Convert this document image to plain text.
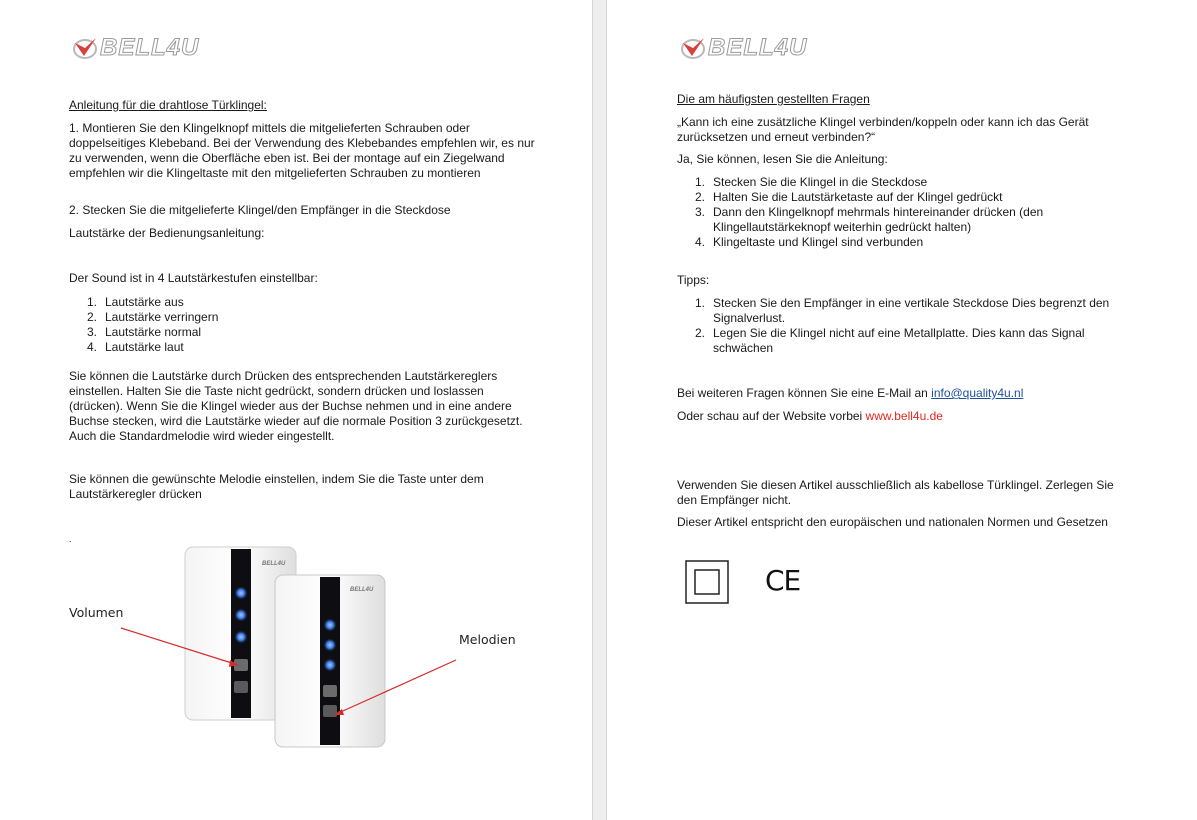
BELL4U

Anleitung für die drahtlose Türklingel:

1. Montieren Sie den Klingelknopf mittels die mitgelieferten Schrauben oder doppelseitiges Klebeband. Bei der Verwendung des Klebebandes empfehlen wir, es nur zu verwenden, wenn die Oberfläche eben ist. Bei der montage auf ein Ziegelwand empfehlen wir die Klingeltaste mit den mitgelieferten Schrauben zu montieren

2. Stecken Sie die mitgelieferte Klingel/den Empfänger in die Steckdose

Lautstärke der Bedienungsanleitung:

Der Sound ist in 4 Lautstärkestufen einstellbar:

1. Lautstärke aus
2. Lautstärke verringern
3. Lautstärke normal
4. Lautstärke laut

Sie können die Lautstärke durch Drücken des entsprechenden Lautstärkereglers einstellen. Halten Sie die Taste nicht gedrückt, sondern drücken und loslassen (drücken). Wenn Sie die Klingel wieder aus der Buchse nehmen und in eine andere Buchse stecken, wird die Lautstärke wieder auf die normale Position 3 zurückgesetzt. Auch die Standardmelodie wird wieder eingestellt.

Sie können die gewünschte Melodie einstellen, indem Sie die Taste unter dem Lautstärkeregler drücken

.

BELL4U
BELL4U
Volumen
Melodien
BELL4U

Die am häufigsten gestellten Fragen

„Kann ich eine zusätzliche Klingel verbinden/koppeln oder kann ich das Gerät zurücksetzen und erneut verbinden?“

Ja, Sie können, lesen Sie die Anleitung:

1. Stecken Sie die Klingel in die Steckdose
2. Halten Sie die Lautstärketaste auf der Klingel gedrückt
3. Dann den Klingelknopf mehrmals hintereinander drücken (den Klingellautstärkeknopf weiterhin gedrückt halten)
4. Klingeltaste und Klingel sind verbunden

Tipps:

1. Stecken Sie den Empfänger in eine vertikale Steckdose Dies begrenzt den Signalverlust.
2. Legen Sie die Klingel nicht auf eine Metallplatte. Dies kann das Signal schwächen

Bei weiteren Fragen können Sie eine E-Mail an info@quality4u.nl

Oder schau auf der Website vorbei www.bell4u.de

Verwenden Sie diesen Artikel ausschließlich als kabellose Türklingel. Zerlegen Sie den Empfänger nicht.

Dieser Artikel entspricht den europäischen und nationalen Normen und Gesetzen

CE
